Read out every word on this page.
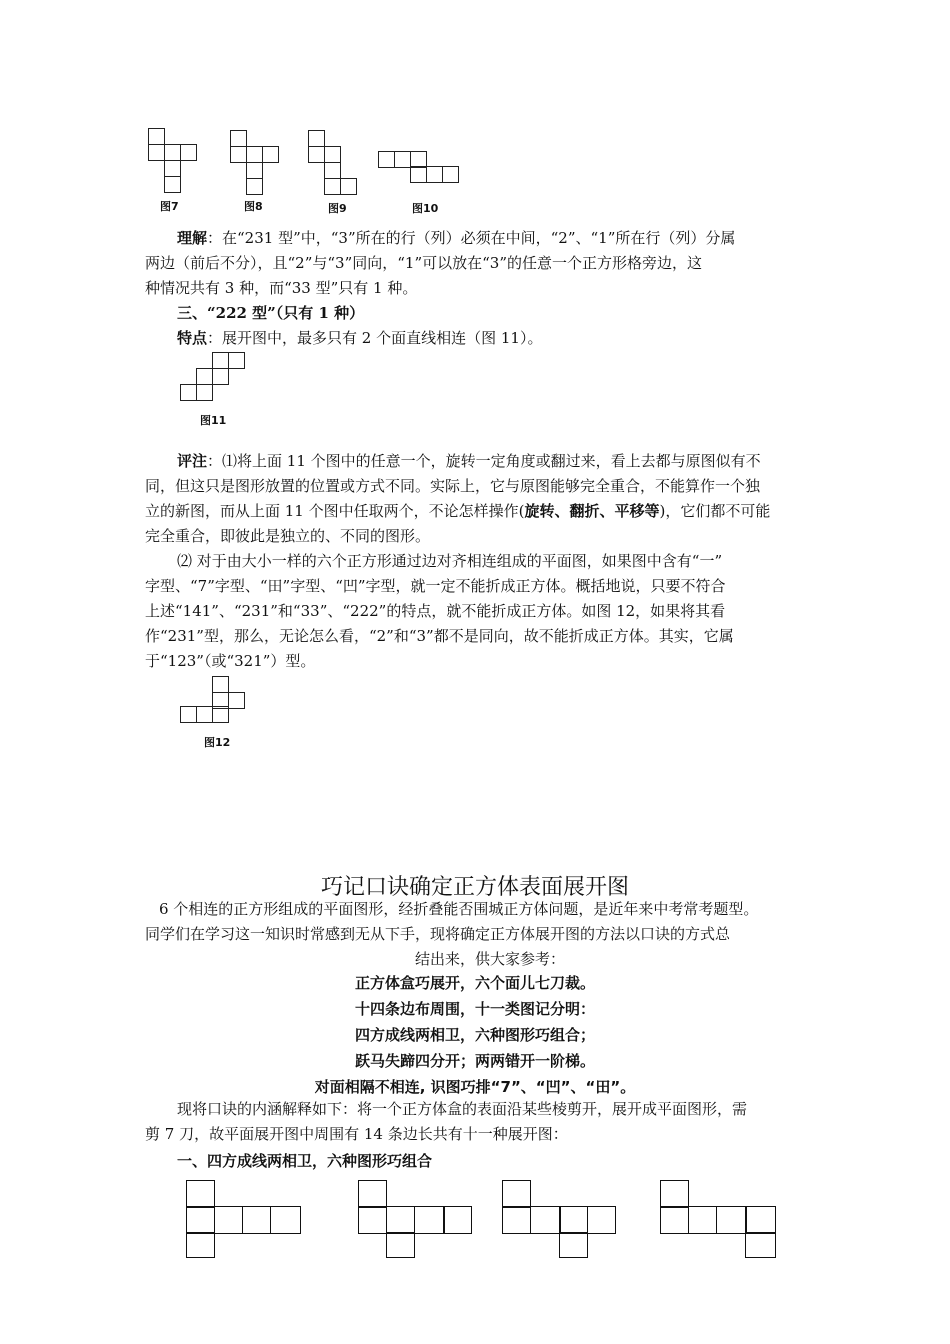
图7	图8	图9	图10
理解：在“231 型”中，“3”所在的行（列）必须在中间，“2”、“1”所在行（列）分属
两边（前后不分），且“2”与“3”同向，“1”可以放在“3”的任意一个正方形格旁边，这
种情况共有 3 种，而“33 型”只有 1 种。
三、“222 型”（只有 1 种）
特点：展开图中，最多只有 2 个面直线相连（图 11）。
图11
评注：⑴将上面 11 个图中的任意一个，旋转一定角度或翻过来，看上去都与原图似有不
同，但这只是图形放置的位置或方式不同。实际上，它与原图能够完全重合，不能算作一个独
立的新图，而从上面 11 个图中任取两个，不论怎样操作(旋转、翻折、平移等)，它们都不可能
完全重合，即彼此是独立的、不同的图形。
⑵ 对于由大小一样的六个正方形通过边对齐相连组成的平面图，如果图中含有“一”
字型、“7”字型、“田”字型、“凹”字型，就一定不能折成正方体。概括地说，只要不符合
上述“141”、“231”和“33”、“222”的特点，就不能折成正方体。如图 12，如果将其看
作“231”型，那么，无论怎么看，“2”和“3”都不是同向，故不能折成正方体。其实，它属
于“123”（或“321”）型。
图12
巧记口诀确定正方体表面展开图
6 个相连的正方形组成的平面图形，经折叠能否围城正方体问题，是近年来中考常考题型。
同学们在学习这一知识时常感到无从下手，现将确定正方体展开图的方法以口诀的方式总
结出来，供大家参考：
正方体盒巧展开，六个面儿七刀裁。
十四条边布周围，十一类图记分明：
四方成线两相卫，六种图形巧组合；
跃马失蹄四分开；两两错开一阶梯。
对面相隔不相连, 识图巧排“7”、“凹”、“田”。
现将口诀的内涵解释如下：将一个正方体盒的表面沿某些棱剪开，展开成平面图形，需
剪 7 刀，故平面展开图中周围有 14 条边长共有十一种展开图：
一、四方成线两相卫，六种图形巧组合
